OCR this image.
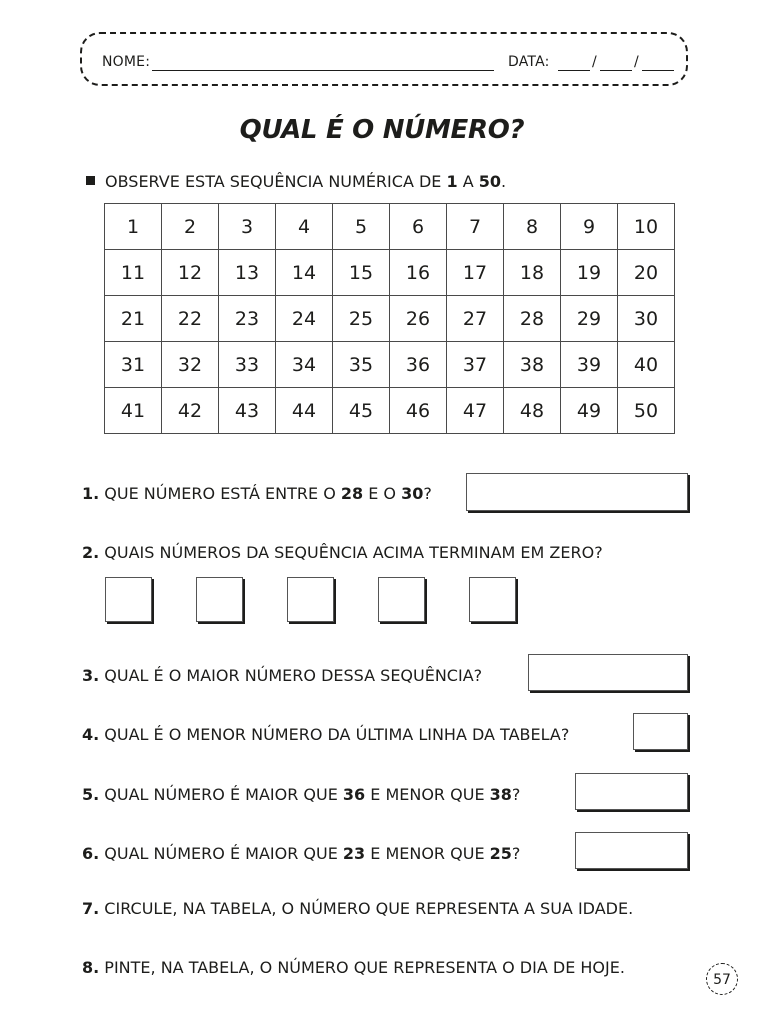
NOME:	DATA:	/	/
QUAL É O NÚMERO?
OBSERVE ESTA SEQUÊNCIA NUMÉRICA DE 1 A 50.
1	2	3	4	5	6	7	8	9	10
11	12	13	14	15	16	17	18	19	20
21	22	23	24	25	26	27	28	29	30
31	32	33	34	35	36	37	38	39	40
41	42	43	44	45	46	47	48	49	50
1. QUE NÚMERO ESTÁ ENTRE O 28 E O 30?
2. QUAIS NÚMEROS DA SEQUÊNCIA ACIMA TERMINAM EM ZERO?
3. QUAL É O MAIOR NÚMERO DESSA SEQUÊNCIA?
4. QUAL É O MENOR NÚMERO DA ÚLTIMA LINHA DA TABELA?
5. QUAL NÚMERO É MAIOR QUE 36 E MENOR QUE 38?
6. QUAL NÚMERO É MAIOR QUE 23 E MENOR QUE 25?
7. CIRCULE, NA TABELA, O NÚMERO QUE REPRESENTA A SUA IDADE.
8. PINTE, NA TABELA, O NÚMERO QUE REPRESENTA O DIA DE HOJE.
57
